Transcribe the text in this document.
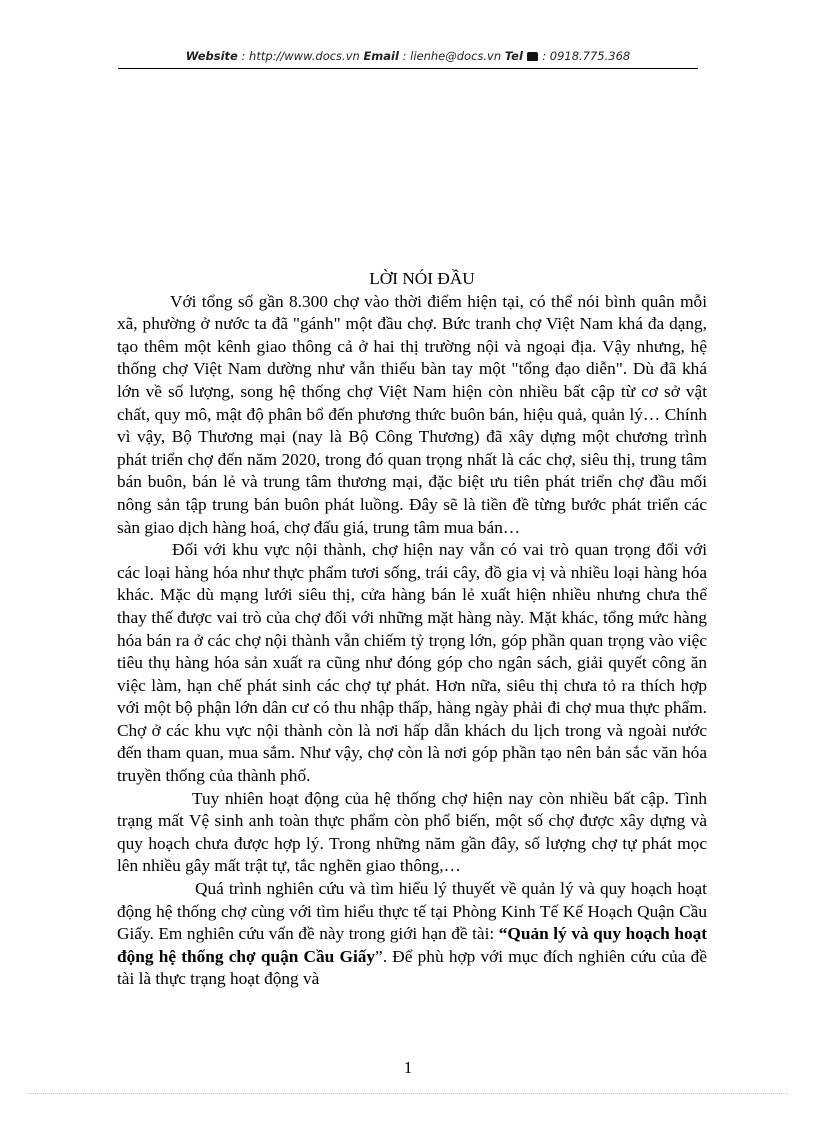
Website : http://www.docs.vn Email : lienhe@docs.vn Tel  : 0918.775.368
LỜI NÓI ĐẦU

Với tổng số gần 8.300 chợ vào thời điểm hiện tại, có thể nói bình quân mỗi xã, phường ở nước ta đã "gánh" một đầu chợ. Bức tranh chợ Việt Nam khá đa dạng, tạo thêm một kênh giao thông cả ở hai thị trường nội và ngoại địa. Vậy nhưng, hệ thống chợ Việt Nam dường như vẫn thiếu bàn tay một "tổng đạo diễn". Dù đã khá lớn về số lượng, song hệ thống chợ Việt Nam hiện còn nhiều bất cập từ cơ sở vật chất, quy mô, mật độ phân bổ đến phương thức buôn bán, hiệu quả, quản lý… Chính vì vậy, Bộ Thương mại (nay là Bộ Công Thương) đã xây dựng một chương trình phát triển chợ đến năm 2020, trong đó quan trọng nhất là các chợ, siêu thị, trung tâm bán buôn, bán lẻ và trung tâm thương mại, đặc biệt ưu tiên phát triển chợ đầu mối nông sản tập trung bán buôn phát luồng. Đây sẽ là tiền đề từng bước phát triển các sàn giao dịch hàng hoá, chợ đấu giá, trung tâm mua bán…

Đối với khu vực nội thành, chợ hiện nay vẫn có vai trò quan trọng đối với các loại hàng hóa như thực phẩm tươi sống, trái cây, đồ gia vị và nhiều loại hàng hóa khác. Mặc dù mạng lưới siêu thị, cửa hàng bán lẻ xuất hiện nhiều nhưng chưa thể thay thế được vai trò của chợ đối với những mặt hàng này. Mặt khác, tổng mức hàng hóa bán ra ở các chợ nội thành vẫn chiếm tỷ trọng lớn, góp phần quan trọng vào việc tiêu thụ hàng hóa sản xuất ra cũng như đóng góp cho ngân sách, giải quyết công ăn việc làm, hạn chế phát sinh các chợ tự phát. Hơn nữa, siêu thị chưa tỏ ra thích hợp với một bộ phận lớn dân cư có thu nhập thấp, hàng ngày phải đi chợ mua thực phẩm. Chợ ở các khu vực nội thành còn là nơi hấp dẫn khách du lịch trong và ngoài nước đến tham quan, mua sắm. Như vậy, chợ còn là nơi góp phần tạo nên bản sắc văn hóa truyền thống của thành phố.

Tuy nhiên hoạt động của hệ thống chợ hiện nay còn nhiều bất cập. Tình trạng mất Vệ sinh anh toàn thực phẩm còn phổ biến, một số chợ được xây dựng và quy hoạch chưa được hợp lý. Trong những năm gần đây, số lượng chợ tự phát mọc lên nhiều gây mất trật tự, tắc nghẽn giao thông,…

Quá trình nghiên cứu và tìm hiểu lý thuyết về quản lý và quy hoạch hoạt động hệ thống chợ cùng với tìm hiểu thực tế tại Phòng Kinh Tế Kế Hoạch Quận Cầu Giấy. Em nghiên cứu vấn đề này trong giới hạn đề tài: “Quản lý và quy hoạch hoạt động hệ thống chợ quận Cầu Giấy”. Để phù hợp với mục đích nghiên cứu của đề tài là thực trạng hoạt động và

1
